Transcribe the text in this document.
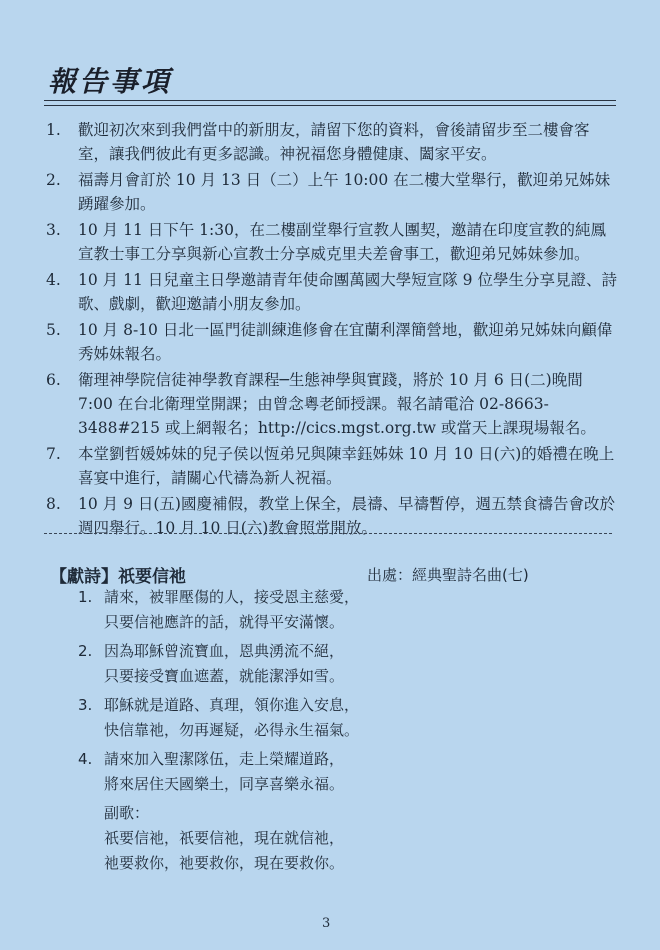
報告事項
1.	歡迎初次來到我們當中的新朋友，請留下您的資料，會後請留步至二樓會客室，讓我們彼此有更多認識。神祝福您身體健康、闔家平安。
2.	福壽月會訂於 10 月 13 日（二）上午 10:00 在二樓大堂舉行，歡迎弟兄姊妹踴躍參加。
3.	10 月 11 日下午 1:30，在二樓副堂舉行宣教人團契，邀請在印度宣教的純鳳宣教士事工分享與新心宣教士分享威克里夫差會事工，歡迎弟兄姊妹參加。
4.	10 月 11 日兒童主日學邀請青年使命團萬國大學短宣隊 9 位學生分享見證、詩歌、戲劇，歡迎邀請小朋友參加。
5.	10 月 8-10 日北一區門徒訓練進修會在宜蘭利澤簡營地，歡迎弟兄姊妹向顧偉秀姊妹報名。
6.	衛理神學院信徒神學教育課程─生態神學與實踐，將於 10 月 6 日(二)晚間 7:00 在台北衛理堂開課；由曾念粵老師授課。報名請電洽 02-8663-3488#215 或上網報名；http://cics.mgst.org.tw 或當天上課現場報名。
7.	本堂劉哲媛姊妹的兒子侯以恆弟兄與陳幸鈺姊妹 10 月 10 日(六)的婚禮在晚上喜宴中進行，請關心代禱為新人祝福。
8.	10 月 9 日(五)國慶補假，教堂上保全，晨禱、早禱暫停，週五禁食禱告會改於週四舉行。10 月 10 日(六)教會照常開放。
【獻詩】祇要信祂	出處：經典聖詩名曲(七)
1. 請來，被罪壓傷的人，接受恩主慈愛，
只要信祂應許的話，就得平安滿懷。
2. 因為耶穌曾流寶血，恩典湧流不絕，
只要接受寶血遮蓋，就能潔淨如雪。
3. 耶穌就是道路、真理，領你進入安息，
快信靠祂，勿再遲疑，必得永生福氣。
4. 請來加入聖潔隊伍，走上榮耀道路，
將來居住天國樂土，同享喜樂永福。
副歌：
祇要信祂，祇要信祂，現在就信祂，
祂要救你，祂要救你，現在要救你。
3
